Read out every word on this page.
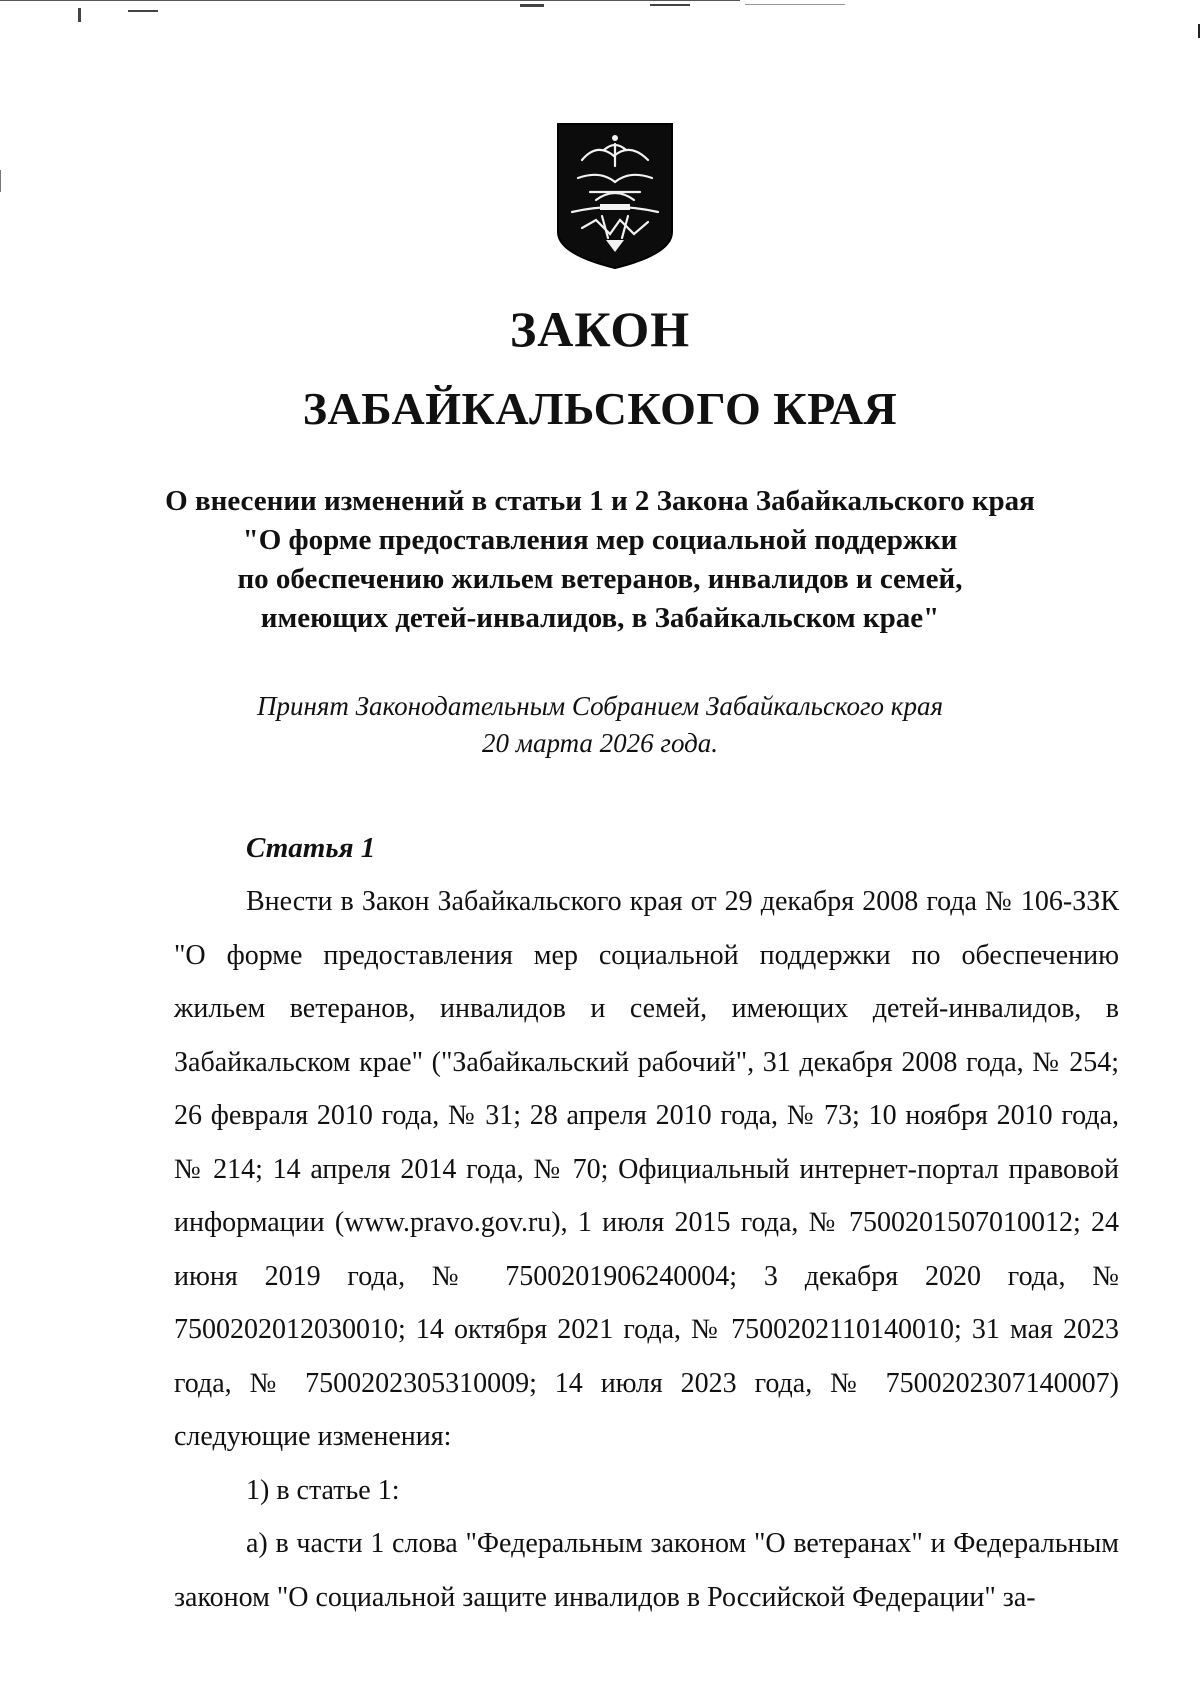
ЗАКОН
ЗАБАЙКАЛЬСКОГО КРАЯ
О внесении изменений в статьи 1 и 2 Закона Забайкальского края
"О форме предоставления мер социальной поддержки
по обеспечению жильем ветеранов, инвалидов и семей,
имеющих детей-инвалидов, в Забайкальском крае"
Принят Законодательным Собранием Забайкальского края
20 марта 2026 года.
Статья 1

Внести в Закон Забайкальского края от 29 декабря 2008 года № 106-ЗЗК "О форме предоставления мер социальной поддержки по обеспечению жильем ветеранов, инвалидов и семей, имеющих детей-инвалидов, в Забайкальском крае" ("Забайкальский рабочий", 31 декабря 2008 года, № 254; 26 февраля 2010 года, № 31; 28 апреля 2010 года, № 73; 10 ноября 2010 года, № 214; 14 апреля 2014 года, № 70; Официальный интернет-портал правовой информации (www.pravo.gov.ru), 1 июля 2015 года, № 7500201507010012; 24 июня 2019 года, № 7500201906240004; 3 декабря 2020 года, № 7500202012030010; 14 октября 2021 года, № 7500202110140010; 31 мая 2023 года, № 7500202305310009; 14 июля 2023 года, № 7500202307140007) следующие изменения:

1) в статье 1:

а) в части 1 слова "Федеральным законом "О ветеранах" и Федеральным законом "О социальной защите инвалидов в Российской Федерации" за-
